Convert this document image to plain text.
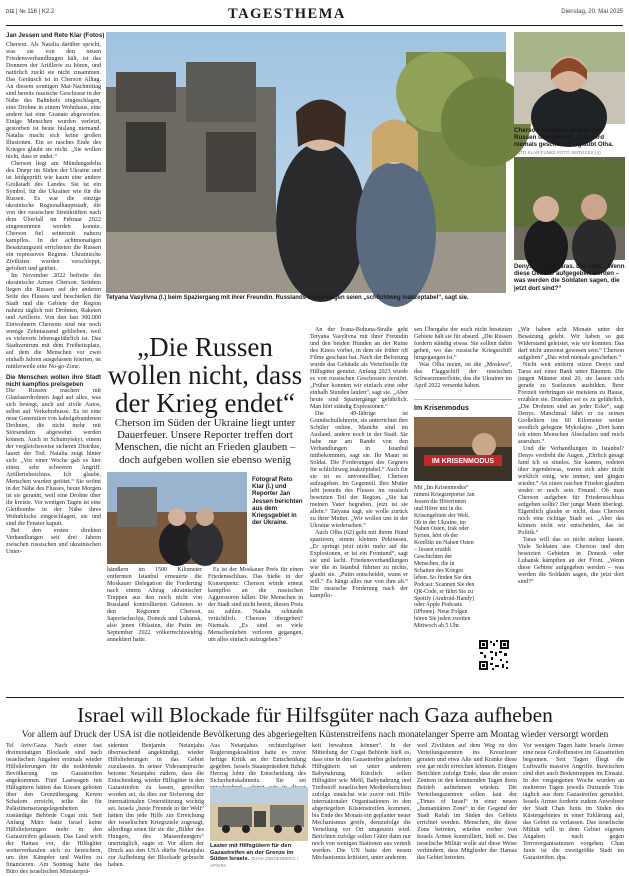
ᴅɪᴇ | № 116 | K2.2	TAGESTHEMA	Dienstag, 20. Mai 2025
Jan Jessen und Reto Klar (Fotos)

Cherson. Als Natalia darüber spricht, was sie von den neuen Friedensverhandlungen hält, ist das Donnern der Artillerie zu hören, und natürlich zuckt sie nicht zusammen. Das Geräusch ist in Cherson Alltag. An diesem sonnigen Mai-Nachmittag sind bereits russische Geschosse in der Nähe des Bahnhofs eingeschlagen, eine Drohne in einem Wohnhaus, eine andere hat eine Granate abgeworfen. Einige Menschen wurden verletzt, gestorben ist heute bislang niemand. Natalia macht sich keine großen Illusionen. Ein so rasches Ende des Krieges glaubt sie nicht. „Sie wollen nicht, dass er endet.“

Cherson liegt am Mündungsdelta des Dnepr im Süden der Ukraine und ist leidgeprüft wie kaum eine andere Großstadt des Landes. Sie ist ein Symbol, für die Ukrainer wie für die Russen. Es war die einzige ukrainische Regionalhauptstadt, die von der russischen Streitkräften nach dem Überfall im Februar 2022 eingenommen werden konnte. Cherson fiel seinerzeit nahezu kampflos. In der achtmonatigen Besatzungszeit errichteten die Russen ein repressives Regime. Ukrainische Zivilisten wurden verschleppt, gefoltert und getötet.

Im November 2022 befreite die ukrainische Armee Cherson. Seitdem liegen die Russen auf der anderen Seite des Flusses und beschießen die Stadt und die Gebiete der Region nahezu täglich mit Drohnen, Raketen und Artillerie. Von den fast 300.000 Einwohnern Chersons sind nur noch wenige Zehntausend geblieben, weil es vielerorts lebensgefährlich ist. Das Stadtzentrum mit dem Freiheitsplatz, auf dem die Menschen vor zwei einhalb Jahren ausgelassen feierten, ist mittlerweile eine No-go-Zone.

Die Menschen wollen ihre Stadt nicht kampflos preisgeben

Die Russen machen mit Glasfaserdrohnen Jagd auf alles, was sich bewegt, auch auf zivile Autos, selbst auf Verkehrsbusse. Es ist eine neue Generation von kabelgebundenen Drohnen, die nicht mehr mit Störsendern abgewehrt werden können. Auch in Schumyiskyi, einem der vergleichsweise sicheren Distrikte, lauert der Tod. Natalia zeigt hinter sich: „Vor einer Woche gab es hier einen sehr schweren Angriff. Artilleriebeschuss. Ich glaube, Menschen wurden getötet.“ Sie wohnt in der Nähe des Flusses, heute Morgen ist sie gerannt, weil eine Drohne über ihr kreiste. Vor wenigen Tagen ist eine Gleitbombe in der Nähe ihres Wohnblocks eingeschlagen, sie und sind die Fenster kaputt.

Bei den ersten direkten Verhandlungen seit drei Jahren zwischen russischen und ukrainischen Unter-

Tetyana Vasylivna (l.) beim Spaziergang mit ihrer Freundin. Russlands Forderungen seien „schlichtweg inakzeptabel“, sagt sie.
Cherson kampflos wieder den Russen übergeben? „Das wird niemals geschehen“, glaubt Olha.
RETO KLAR/FUNKE FOTO SERVICES (4)
Denys (l.) und Taras. Der sagt: „Wenn diese Gebiete aufgegeben werden – was werden die Soldaten sagen, die jetzt dort sind?“
„Die Russen wollen nicht, dass der Krieg endet“
Cherson im Süden der Ukraine liegt unter Dauerfeuer. Unsere Reporter treffen dort Menschen, die nicht an Frieden glauben – doch aufgeben wollen sie ebenso wenig
Fotograf Reto Klar (l.) und Reporter Jan Jessen berichten aus dem Kriegsgebiet in der Ukraine.

händlern im 1500 Kilometer entfernten Istanbul erneuerte die Moskauer Delegation die Forderung nach einem Abzug ukrainischer Truppen aus den noch nicht von Russland kontrollierten Gebieten in den Regionen Cherson, Saporischschja, Donezk und Luhansk, also jenen Oblasten, die Putin im September 2022 völkerrechtswidrig annektiert hatte.

Es ist der Moskauer Preis für einen Friedensschluss. Das hieße in der Konsequenz: Cherson würde erneut kampflos an die russischen Aggressoren fallen. Die Menschen in der Stadt sind nicht bereit, diesen Preis zu zahlen. Natalia schnaubt verächtlich. Cherson übergeben? Niemals. „Es sind so viele Menschenleben verloren gegangen, um alles einfach aufzugeben.“

An der Ivana-Bohuna-Straße geht Tetyana Vasylivna mit ihrer Freundin und den beiden Hunden an der Ruine des Kinos vorbei, in dem sie früher oft Filme geschaut hat. Nach der Befreiung wurde das Gebäude als Verteilstelle für Hilfsgüter genutzt. Anfang 2023 wurde es von russischen Geschossen zerstört. „Früher konnten wir einfach eine oder einhalb Stunden laufen“, sagt sie. „Aber heute sind Spaziergänge gefährlich. Man hört ständig Explosionen.“

Die 49-Jährige ist Grundschullehrerin, sie unterrichtet ihre Schüler online. Manche sind im Ausland, andere noch in der Stadt. Sie habe nur am Rande von den Verhandlungen in Istanbul mitbekommen, sagt sie. Ihr Mann ist Soldat. Die Forderungen des Gegners für schlichtweg inakzeptabel.“ Auch für sie ist es unvorstellbar, Cherson aufzugeben. Im Gegenteil. Ihre Mutter lebt jenseits des Flusses im russisch besetzten Teil der Region. „Sie hat meinen Vater begraben, jetzt ist sie allein.“ Tatyana sagt, sie wolle zurück zu ihrer Mutter. „Wir wollen uns in der Ukraine wiedersehen.“

Auch Olha (62) geht mit ihrem Hund spazieren, einem kleinen Pekinesen. „Er springt jetzt nicht mehr auf die Explosionen, er ist ein Frontund“, sagt sie und lacht. Friedensverhandlungen wie die in Istanbul führten zu nichts, glaubt sie. „Putin entscheidet, wann er will.“ Es hängt alles nur von ihm ab.“ Die russische Forderung nach der kampflo-

sen Übergabe der noch nicht besetzten Gebiete hält sie für absurd. „Die Russen fordern ständig etwas. Sie sollten dahin gehen, wo das russische Kriegsschiff hingegangen ist.“

Was Olha meint, ist die „Moskwa“, das Flaggschiff der russischen Schwarzmeerflotte, das die Ukrainer im April 2022 versenkt haben.

Im Krisenmodus
IM KRISENMODUS

Mit „Im Krisenmodus“ nimmt Kriegsreporter Jan Jessen die Hörerinnen und Hörer mit in die Krisengebiete der Welt. Ob in der Ukraine, im Nahen Osten, Irak oder Syrien, hört ob der Konflikt im Nahen Osten – Jessen erzählt Geschichten der Menschen, die in Schatten des Krieges leben. So finden Sie den Podcast: Scannen Sie den QR-Code, er führt Sie zu Spotify (Android-Handy) oder Apple Podcasts (iPhone). Neue Folgen hören Sie jeden zweiten Mittwoch ab 5 Uhr.

„Wir haben acht Monate unter der Besatzung gelebt. Wir haben so gut Widerstand geleistet, wie wir konnten. Das darf nicht umsonst gewesen sein.“ Cherson aufgeben? „Das wird niemals geschehen.“

Nicht weit entfernt sitzen Denys und Taras auf einer Bank unter Bäumen. Die jungen Männer sind 20, sie lassen sich gerade zu Soeleuten ausbilden. Ihrer Freizeit verbringen sie meistens zu Hause, erzählen sie. Draußen sei es zu gefährlich. „Die Drohnen sind an jeder Ecke“, sagt Denys. Manchmal fährt er zu seinen Großeltern ins 60 Kilometer weiter westlich gelegene Mykolajiw. „Dort kann ich einen Menschen Abschalten und mich ausruhen.“

Und die Verhandlungen in Istanbul? Denys verdreht die Augen. „Ehrlich gesagt fand ich es sinnlos. Sie kamen, redeten über irgendetwas, waren sich aber nicht wirklich einig, wie immer, und gingen wieder.“ An einen raschen Frieden glauben weder er noch sein Freund. Ob man Cherson aufgeben für Friedensschluss aufgeben sollte? Der junge Mann überlegt. Eigentlich glaube er nicht, dass Cherson noch eine richtige Stadt sei. „Aber das können nicht wir entscheiden, das ist Politik.“

Taras will das so nicht stehen lassen. Viele Soldaten aus Cherson und den besetzten Gebieten in Donezk oder Luhansk kämpften an der Front. „Wenn diese Gebiete aufgegeben werden – was werden die Soldaten sagen, die jetzt dort sind?“

Israel will Blockade für Hilfsgüter nach Gaza aufheben
Vor allem auf Druck der USA ist die notleidende Bevölkerung des abgeriegelten Küstenstreifens nach monatelanger Sperre am Montag wieder versorgt worden

Tel Aviv/Gaza. Nach einer fast dreimonatigen Blockade sind nach israelischen Angaben erstmals wieder Hilfslieferungen für die notleidende Bevölkerung im Gazastreifen angekommen. Fünf Lastwagen mit Hilfsgütern hätten das Kissen geboten über den Grenzübergang Kerem Schalom erreicht, teilte die für Palästinenserangelegenheiten zuständige Behörde Cogat mit. Seit Anfang März hatte Israel keine Hilfslieferungen mehr in den Gazastreifen gelassen. Das Land wirft der Hamas vor, die Hilfsgüter weiterverkaufen sich zu bereichern, um ihre Kämpfer und Waffen zu finanzieren. Am Sonntag hatte das Büro des israelischen Ministerprä-

sidenten Benjamin Netanjahu überraschend angekündigt, wieder Hilfslieferungen in das Gebiet zuzulassen. In seiner Videoansprache betonte Netanjahu zudem, dass die Entscheidung, wieder Hilfsgüter in den Gazastreifen zu lassen, getroffen worden sei, da dies zur Sicherung der internationalen Unterstützung wichtig sei. Israels „beste Freunde in der Welt“ hätten ihn jede Hilfe zur Erreichung der israelischen Kriegsziele zugesagt, allerdings seien für sie die „Bilder des Hungers, des Massenhungers“ unerträglich, sagte er. Vor allem der Druck aus den USA dürfte Netanjahu zur Aufhebung der Blockade gebracht haben.

Aus Netanjahus rechtsreligiöser Regierungskoalition hatte es zuvor heftige Kritik an der Entscheidung gegeben. Israels Staatspräsident Itzhak Herzog lobte die Entscheidung des Sicherheitskabinetts. Sie sei

Laster mit Hilfsgütern für den Gazastreifen an der Grenze im Süden Israels. OHAD ZWIGENBERG / AP/DPA

keit bewahren können“. In der Mitteilung der Cogat Behörde hieß es, dass eine in den Gazastreifen gelieferten Hilfsgütern sei unter anderem Babynahrung. Kürzlich sollen Hilfsgüter wie Mehl, Babynahrung und Treibstoff israelischen Medienberichten zufolge zunächst wie zuvor mit Hilfe internationaler Organisationen in den abgeriegelten Küstenstreifen kommen, bis Ende des Monats ein geplanter neuer Mechanismus greife, demzufolge die Verteilung vor Ort umgesetzt wird. Berichten zufolge sollen Güter dann nur noch von wenigen Stationen aus verteilt werden. Die UN hatte den neuen Mechanismus kritisiert, unter anderem

weil Zivilisten auf dem Weg zu den Verteilungszentren ins Kreuzfeuer geraten und etwa Alte und Kranke diese erst gar nicht erreichen könnten. Einigen Berichten zufolge Ende, dass die ersten Zentren in den kommenden Tagen ihren Betrieb aufnehmen würden. Die Verteilungszentren sollen laut der „Times of Israel“ in einer neuen „humanitären Zone“ in der Gegend der Stadt Rafah im Süden des Gebiets errichtet werden. Menschen, die diese Zone betreten, würden vorher von Israels Armee kontrolliert, hieß es. Das israelische Militär wolle auf diese Weise verhindern, dass Mitglieder der Hamas das Gebiet betreten.

Vor wenigen Tagen hatte Israels Armee eine neue Großoffensive im Gazastreifen begonnen. Seit Tagen fliegt die Luftwaffe massive Angriffe. Inzwischen sind dort auch Bodentruppen im Einsatz. In der vergangenen Woche wurden an mehreren Tagen jeweils Dutzende Tote täglich aus dem Gazastreifen gemeldet. Israels Armee forderte zudem Anwohner der Stadt Chan Junis im Süden des Küstengebietes in einer Erklärung auf, das Gebiet zu verlassen. Das israelische Militär will in dem Gebiet eigenen Angaben nach gegen Terrororganisationen vorgehen. Chan Junis ist die zweitgrößte Stadt im Gazastreifen. dpa
